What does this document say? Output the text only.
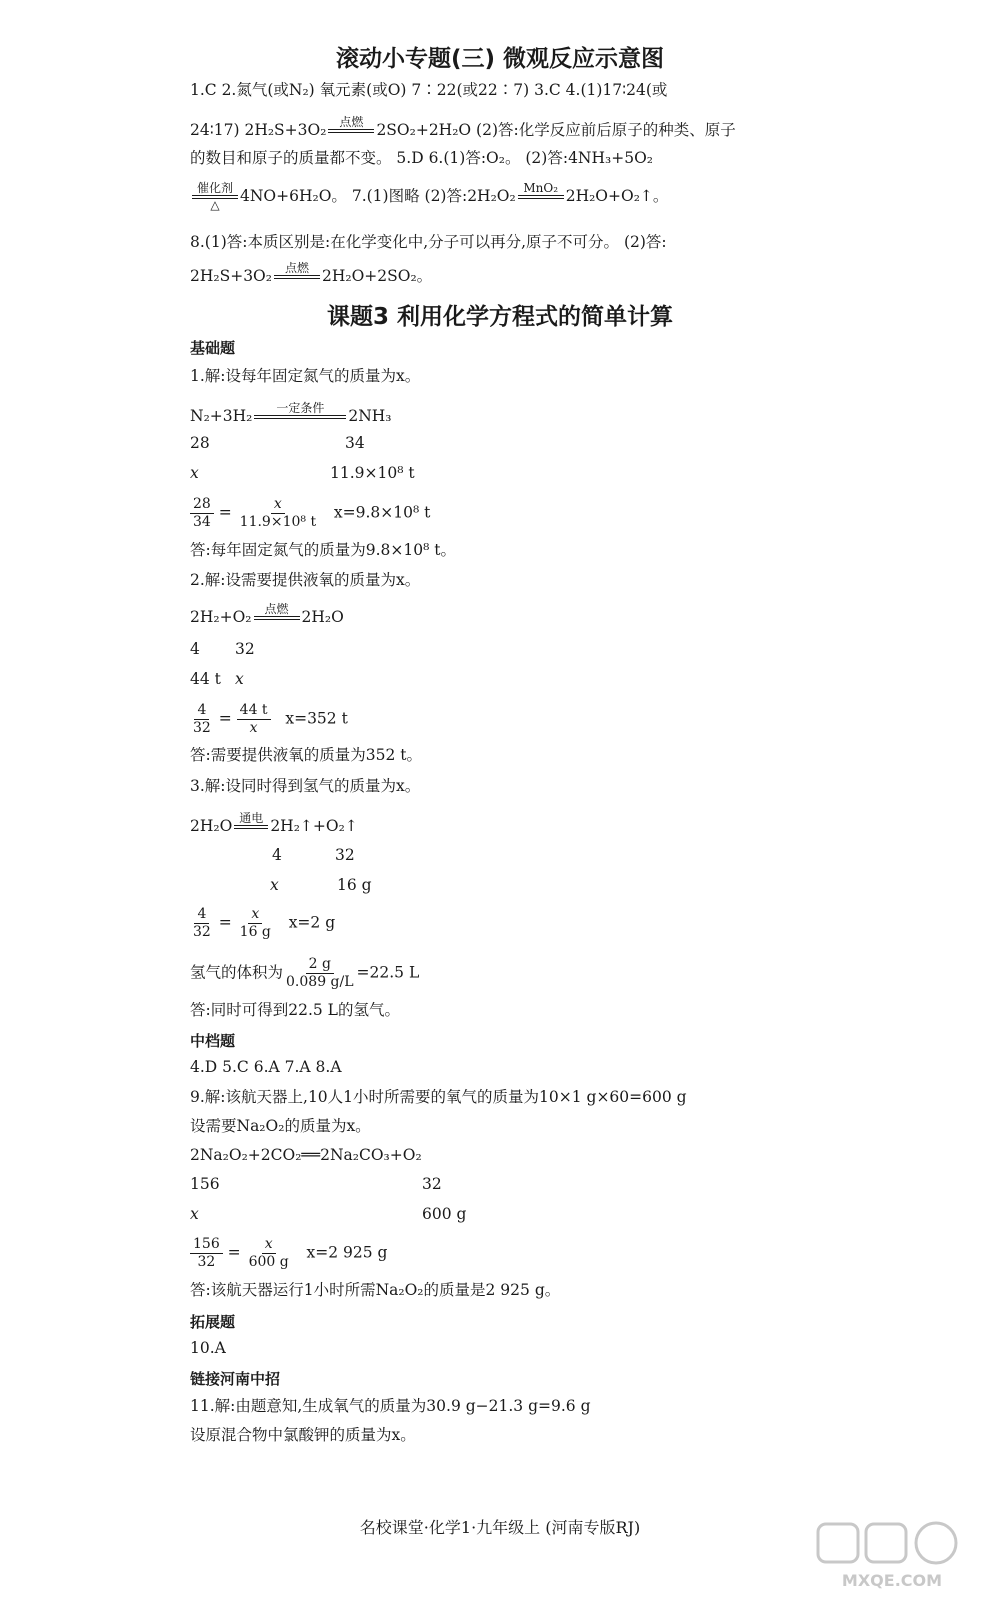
滚动小专题(三) 微观反应示意图
1.C 2.氮气(或N₂) 氧元素(或O) 7∶22(或22∶7) 3.C 4.(1)17∶24(或
24∶17) 2H₂S+3O₂ 点燃
2SO₂+2H₂O (2)答:化学反应前后原子的种类、原子
的数目和原子的质量都不变。 5.D 6.(1)答:O₂。 (2)答:4NH₃+5O₂
催化剂
△ 4NO+6H₂O。 7.(1)图略 (2)答:2H₂O₂ MnO₂
2H₂O+O₂↑。
8.(1)答:本质区别是:在化学变化中,分子可以再分,原子不可分。 (2)答:
2H₂S+3O₂ 点燃
2H₂O+2SO₂。
课题3 利用化学方程式的简单计算
基础题
1.解:设每年固定氮气的质量为x。
N₂+3H₂ 一定条件
2NH₃
28	34
x	11.9×10⁸ t
$\frac{28}{34} = \frac{x}{\text{11.9×10⁸ t}} x=9.8\times 10^8$ t
答:每年固定氮气的质量为9.8×10⁸ t。
2.解:设需要提供液氧的质量为x。
2H₂+O₂ 点燃
2H₂O
4 32
44 t x
$\frac{4}{32} = \frac{44 t}{x} x=352$ t
答:需要提供液氧的质量为352 t。
3.解:设同时得到氢气的质量为x。
2H₂O 通电
2H₂↑+O₂↑
4	32
x	16 g
$\frac{4}{32} = \frac{x}{16 g} x=2$ g
氢气的体积为 $\frac{2 g}{0.089 g/L} =22.5$ L
答:同时可得到22.5 L的氢气。
中档题
4.D 5.C 6.A 7.A 8.A
9.解:该航天器上,10人1小时所需要的氧气的质量为10×1 g×60=600 g
设需要Na₂O₂的质量为x。
2Na₂O₂+2CO₂══2Na₂CO₃+O₂
156	32
x	600 g
$\frac{156}{32} = \frac{x}{600 g} x=2$ 925 g
答:该航天器运行1小时所需Na₂O₂的质量是2 925 g。
拓展题
10.A
链接河南中招
11.解:由题意知,生成氧气的质量为30.9 g−21.3 g=9.6 g
设原混合物中氯酸钾的质量为x。
名校课堂·化学1·九年级上 (河南专版RJ)
MXQE.COM
